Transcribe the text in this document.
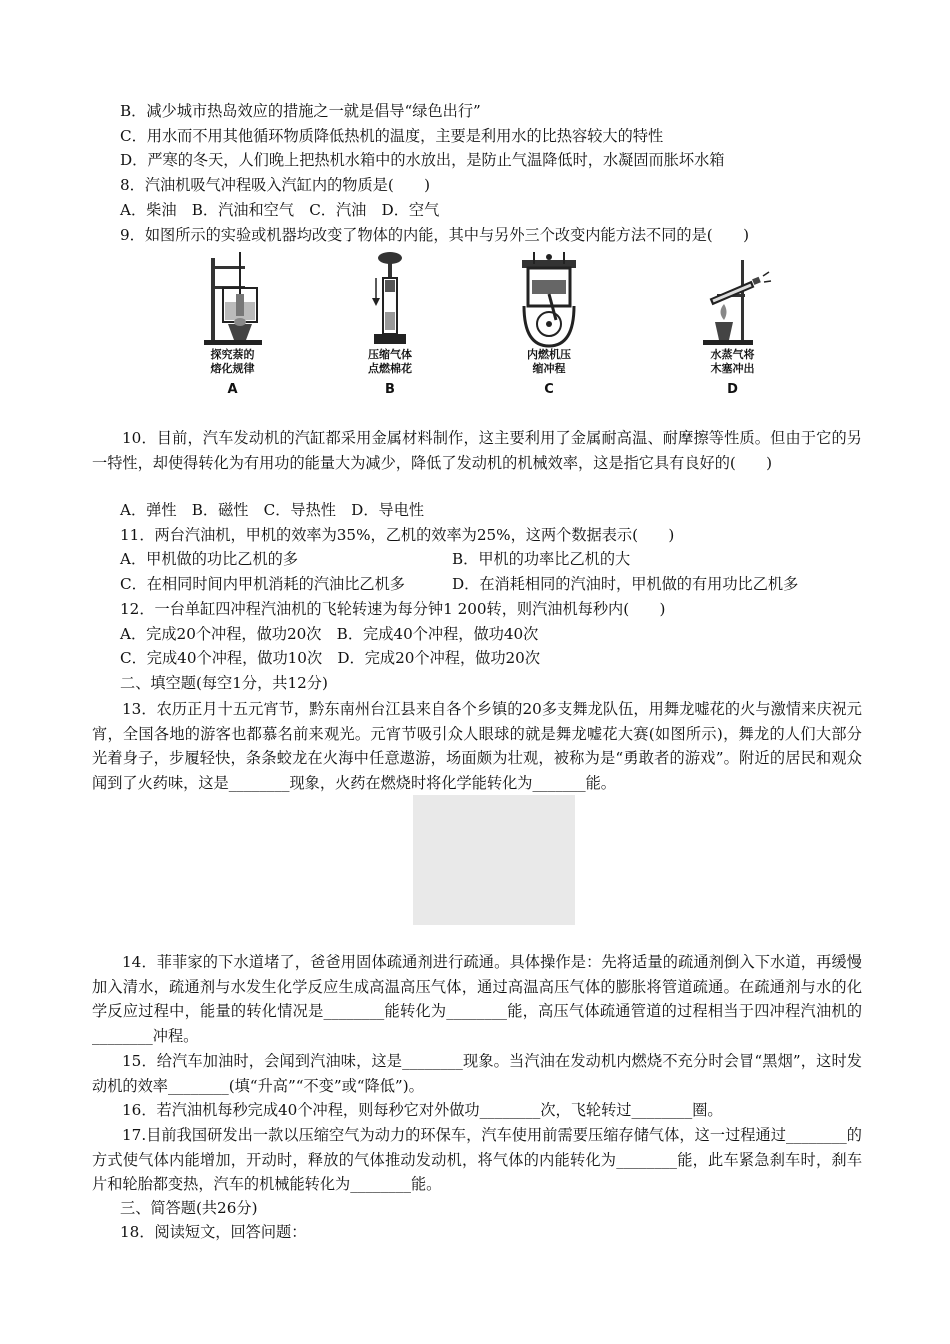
B．减少城市热岛效应的措施之一就是倡导“绿色出行”
C．用水而不用其他循环物质降低热机的温度，主要是利用水的比热容较大的特性
D．严寒的冬天，人们晚上把热机水箱中的水放出，是防止气温降低时，水凝固而胀坏水箱
8．汽油机吸气冲程吸入汽缸内的物质是(　　)
A．柴油　B．汽油和空气　C．汽油　D．空气
9．如图所示的实验或机器均改变了物体的内能，其中与另外三个改变内能方法不同的是(　　)
探究萘的
熔化规律
A
压缩气体
点燃棉花
B
内燃机压
缩冲程
C
水蒸气将
木塞冲出
D
10．目前，汽车发动机的汽缸都采用金属材料制作，这主要利用了金属耐高温、耐摩擦等性质。但由于它的另一特性，却使得转化为有用功的能量大为减少，降低了发动机的机械效率，这是指它具有良好的(　　)
A．弹性　B．磁性　C．导热性　D．导电性
11．两台汽油机，甲机的效率为35%，乙机的效率为25%，这两个数据表示(　　)
A．甲机做的功比乙机的多	B．甲机的功率比乙机的大
C．在相同时间内甲机消耗的汽油比乙机多	D．在消耗相同的汽油时，甲机做的有用功比乙机多
12．一台单缸四冲程汽油机的飞轮转速为每分钟1 200转，则汽油机每秒内(　　)
A．完成20个冲程，做功20次　B．完成40个冲程，做功40次
C．完成40个冲程，做功10次　D．完成20个冲程，做功20次
二、填空题(每空1分，共12分)
13．农历正月十五元宵节，黔东南州台江县来自各个乡镇的20多支舞龙队伍，用舞龙嘘花的火与激情来庆祝元宵，全国各地的游客也都慕名前来观光。元宵节吸引众人眼球的就是舞龙嘘花大赛(如图所示)，舞龙的人们大部分光着身子，步履轻快，条条蛟龙在火海中任意遨游，场面颇为壮观，被称为是“勇敢者的游戏”。附近的居民和观众闻到了火药味，这是________现象，火药在燃烧时将化学能转化为_______能。
14．菲菲家的下水道堵了，爸爸用固体疏通剂进行疏通。具体操作是：先将适量的疏通剂倒入下水道，再缓慢加入清水，疏通剂与水发生化学反应生成高温高压气体，通过高温高压气体的膨胀将管道疏通。在疏通剂与水的化学反应过程中，能量的转化情况是________能转化为________能，高压气体疏通管道的过程相当于四冲程汽油机的________冲程。
15．给汽车加油时，会闻到汽油味，这是________现象。当汽油在发动机内燃烧不充分时会冒“黑烟”，这时发动机的效率________(填“升高”“不变”或“降低”)。
16．若汽油机每秒完成40个冲程，则每秒它对外做功________次，飞轮转过________圈。
17.目前我国研发出一款以压缩空气为动力的环保车，汽车使用前需要压缩存储气体，这一过程通过________的方式使气体内能增加，开动时，释放的气体推动发动机，将气体的内能转化为________能，此车紧急刹车时，刹车片和轮胎都变热，汽车的机械能转化为________能。
三、简答题(共26分)
18．阅读短文，回答问题：
